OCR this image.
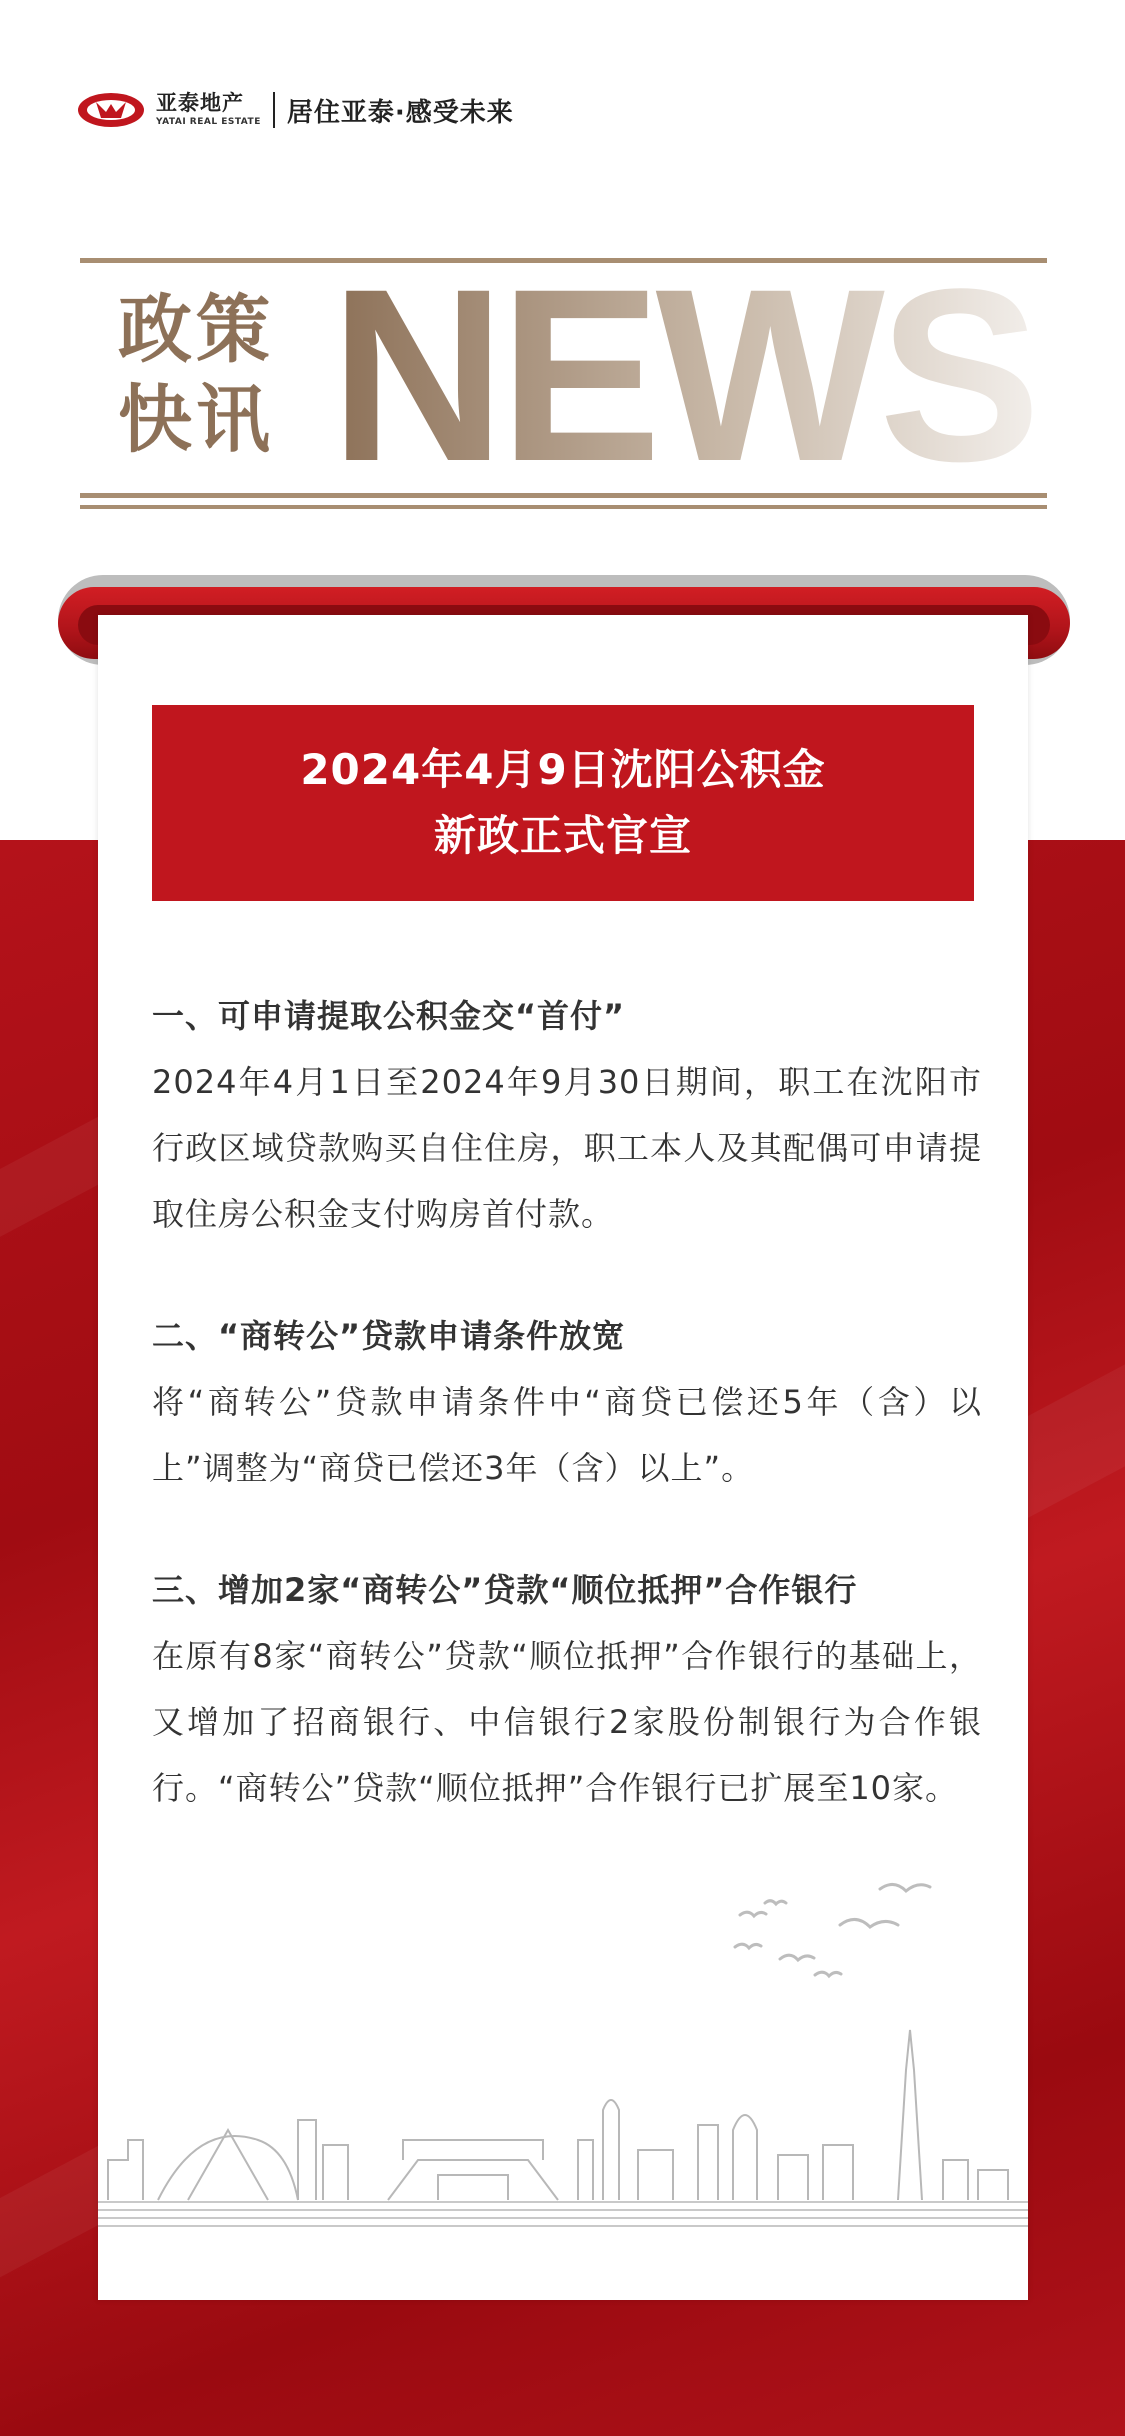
亚泰地产
YATAI REAL ESTATE 居住亚泰·感受未来
政策
快讯 NEWS
2024年4月9日沈阳公积金
新政正式官宣
一、可申请提取公积金交“首付”
2024年4月1日至2024年9月30日期间，职工在沈阳市行政区域贷款购买自住住房，职工本人及其配偶可申请提取住房公积金支付购房首付款。
二、“商转公”贷款申请条件放宽
将“商转公”贷款申请条件中“商贷已偿还5年（含）以上”调整为“商贷已偿还3年（含）以上”。
三、增加2家“商转公”贷款“顺位抵押”合作银行
在原有8家“商转公”贷款“顺位抵押”合作银行的基础上，又增加了招商银行、中信银行2家股份制银行为合作银行。“商转公”贷款“顺位抵押”合作银行已扩展至10家。
